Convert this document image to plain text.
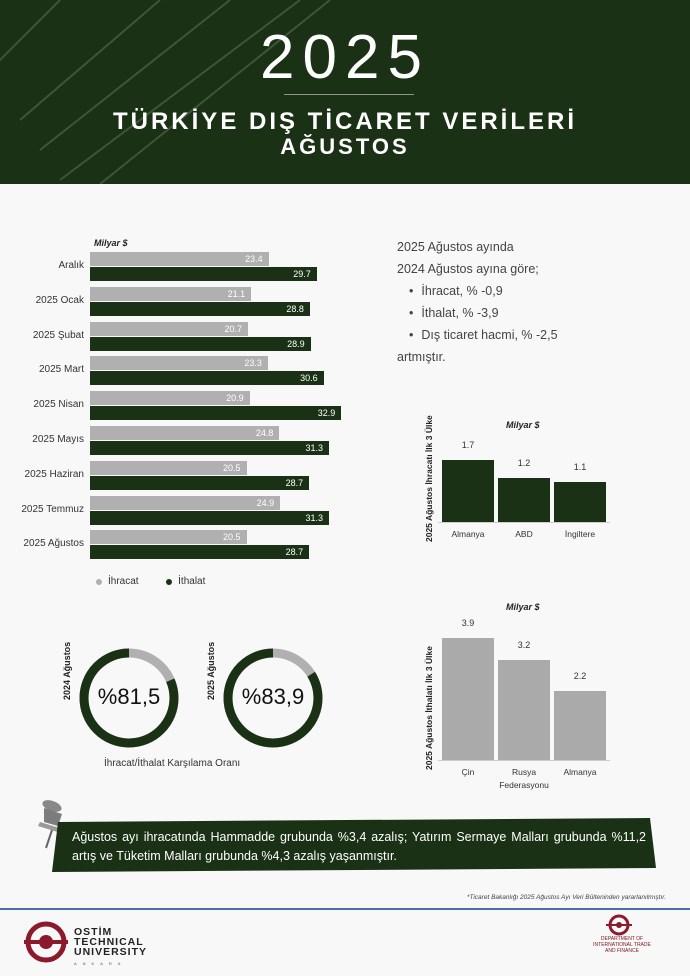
2025
TÜRKİYE DIŞ TİCARET VERİLERİ
AĞUSTOS
Milyar $
Aralık
23.4
29.7
2025 Ocak
21.1
28.8
2025 Şubat
20.7
28.9
2025 Mart
23.3
30.6
2025 Nisan
20.9
32.9
2025 Mayıs
24.8
31.3
2025 Haziran
20.5
28.7
2025 Temmuz
24.9
31.3
2025 Ağustos
20.5
28.7
İhracat	İthalat
2025 Ağustos ayında
2024 Ağustos ayına göre;
• İhracat, % -0,9
• İthalat, % -3,9
• Dış ticaret hacmi, % -2,5
artmıştır.
2025 Ağustos İhracatı İlk 3 Ülke	Milyar $
1.7
Almanya
1.2
ABD
1.1
İngiltere
2025 Ağustos İthalatı İlk 3 Ülke
Milyar $
3.9
Çin
3.2
Rusya Federasyonu
2.2
Almanya
2024 Ağustos	%81,5	2025 Ağustos	%83,9
İhracat/İthalat Karşılama Oranı
Ağustos ayı ihracatında Hammadde grubunda %3,4 azalış; Yatırım Sermaye Malları grubunda %11,2 artış ve Tüketim Malları grubunda %4,3 azalış yaşanmıştır.
*Ticaret Bakanlığı 2025 Ağustos Ayı Veri Bülteninden yararlanılmıştır.
OSTİM
TECHNICAL
UNIVERSITY
ANKARA
DEPARTMENT OF
INTERNATIONAL TRADE
AND FINANCE
